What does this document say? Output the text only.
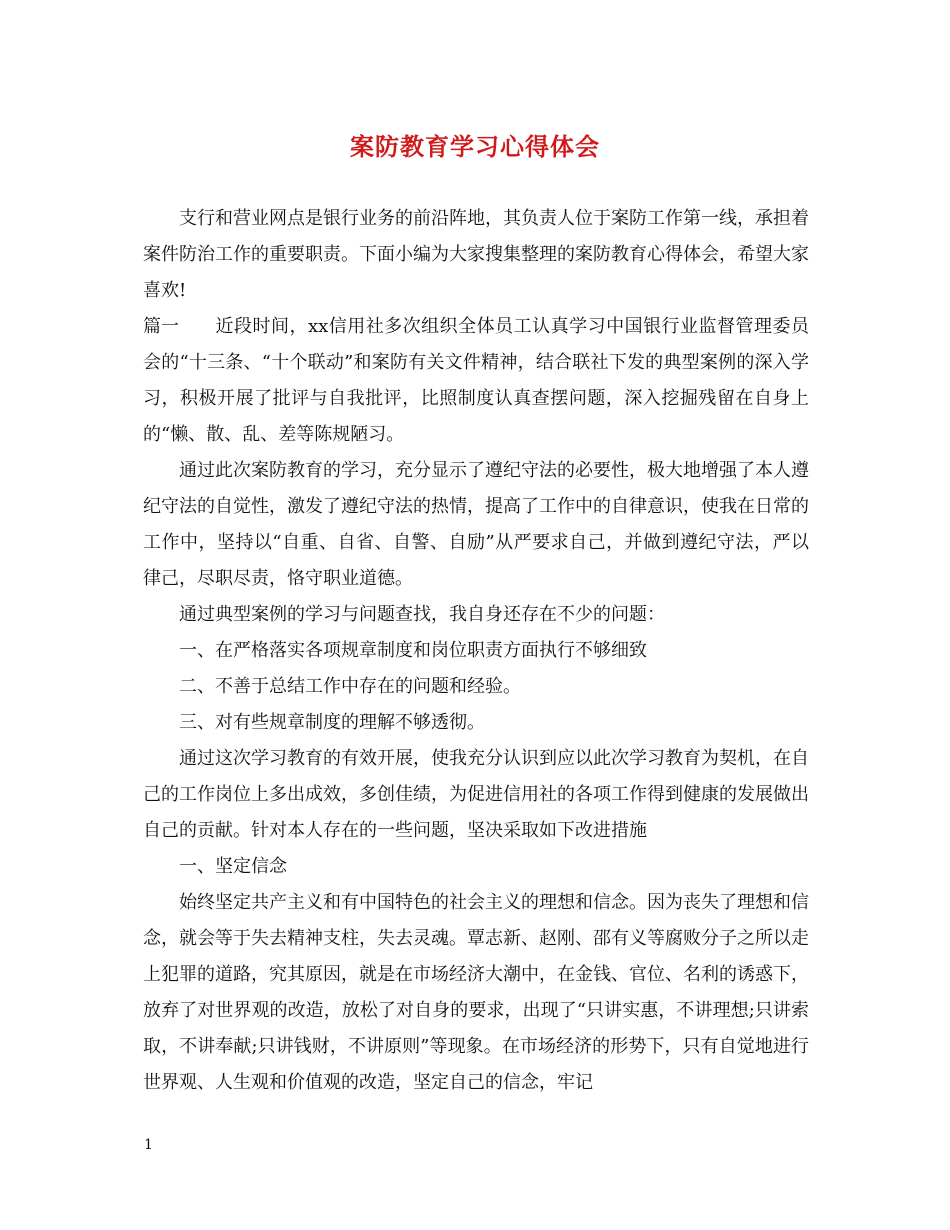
案防教育学习心得体会

支行和营业网点是银行业务的前沿阵地，其负责人位于案防工作第一线，承担着案件防治工作的重要职责。下面小编为大家搜集整理的案防教育心得体会，希望大家喜欢!

篇一 近段时间，xx信用社多次组织全体员工认真学习中国银行业监督管理委员会的“十三条、“十个联动”和案防有关文件精神，结合联社下发的典型案例的深入学习，积极开展了批评与自我批评，比照制度认真查摆问题，深入挖掘残留在自身上的“懒、散、乱、差等陈规陋习。

通过此次案防教育的学习，充分显示了遵纪守法的必要性，极大地增强了本人遵纪守法的自觉性，激发了遵纪守法的热情，提高了工作中的自律意识，使我在日常的工作中，坚持以“自重、自省、自警、自励”从严要求自己，并做到遵纪守法，严以律己，尽职尽责，恪守职业道德。

通过典型案例的学习与问题查找，我自身还存在不少的问题：

一、在严格落实各项规章制度和岗位职责方面执行不够细致

二、不善于总结工作中存在的问题和经验。

三、对有些规章制度的理解不够透彻。

通过这次学习教育的有效开展，使我充分认识到应以此次学习教育为契机，在自己的工作岗位上多出成效，多创佳绩，为促进信用社的各项工作得到健康的发展做出自己的贡献。针对本人存在的一些问题，坚决采取如下改进措施

一、坚定信念

始终坚定共产主义和有中国特色的社会主义的理想和信念。因为丧失了理想和信念，就会等于失去精神支柱，失去灵魂。覃志新、赵刚、邵有义等腐败分子之所以走上犯罪的道路，究其原因，就是在市场经济大潮中，在金钱、官位、名利的诱惑下，放弃了对世界观的改造，放松了对自身的要求，出现了“只讲实惠，不讲理想;只讲索取，不讲奉献;只讲钱财，不讲原则”等现象。在市场经济的形势下，只有自觉地进行世界观、人生观和价值观的改造，坚定自己的信念，牢记

1
